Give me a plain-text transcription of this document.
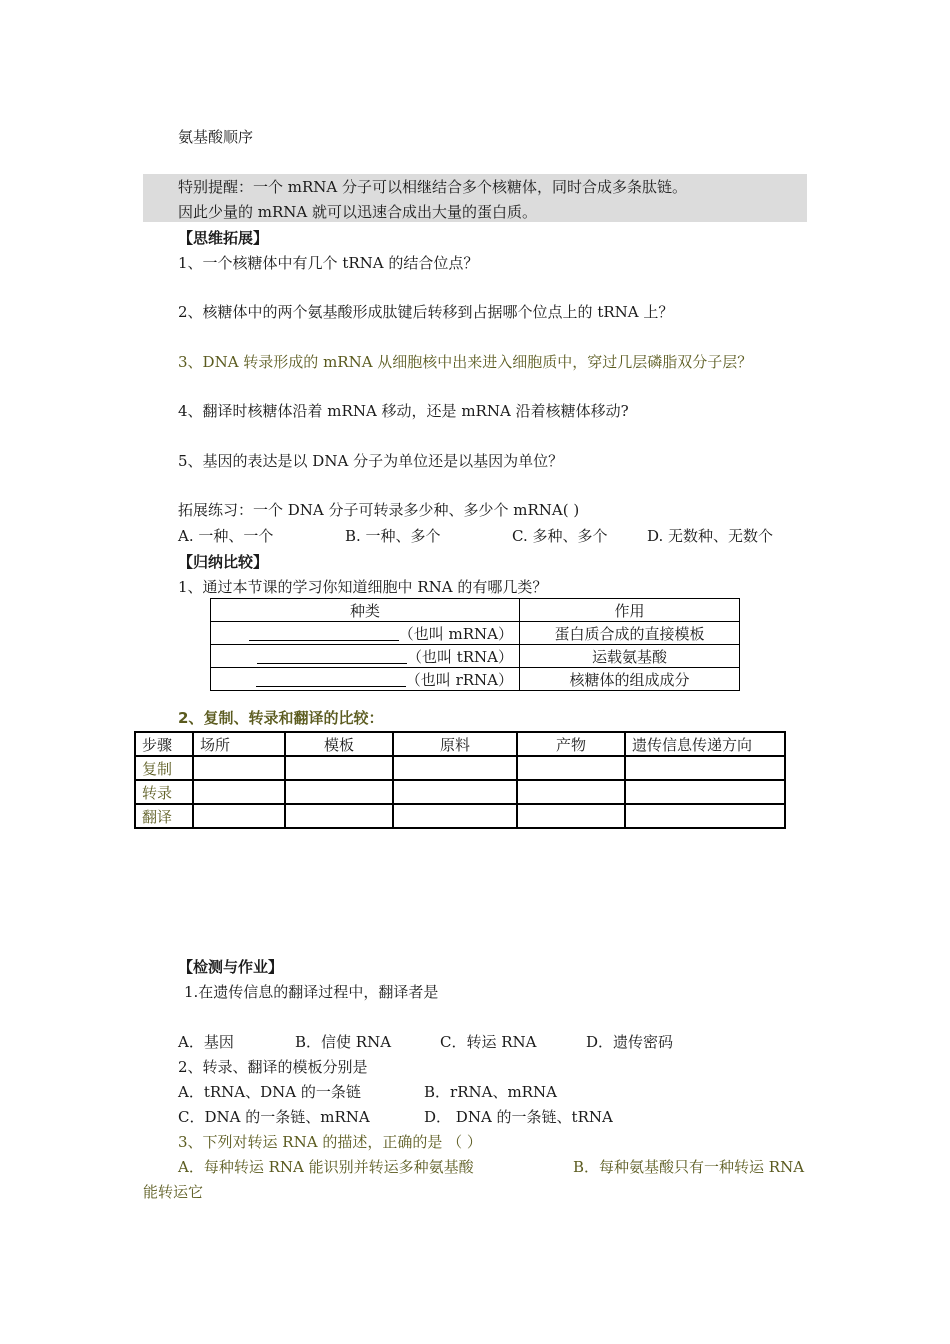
氨基酸顺序
特别提醒：一个 mRNA 分子可以相继结合多个核糖体，同时合成多条肽链。
因此少量的 mRNA 就可以迅速合成出大量的蛋白质。
【思维拓展】
1、一个核糖体中有几个 tRNA 的结合位点？
2、核糖体中的两个氨基酸形成肽键后转移到占据哪个位点上的 tRNA 上？
3、DNA 转录形成的 mRNA 从细胞核中出来进入细胞质中，穿过几层磷脂双分子层？
4、翻译时核糖体沿着 mRNA 移动，还是 mRNA 沿着核糖体移动?
5、基因的表达是以 DNA 分子为单位还是以基因为单位？
拓展练习：一个 DNA 分子可转录多少种、多少个 mRNA( )
A. 一种、一个	B. 一种、多个	C. 多种、多个	D. 无数种、无数个
【归纳比较】
1、通过本节课的学习你知道细胞中 RNA 的有哪几类？
种类	作用
（也叫 mRNA）	蛋白质合成的直接模板
（也叫 tRNA）	运载氨基酸
（也叫 rRNA）	核糖体的组成成分
2、复制、转录和翻译的比较：
步骤	场所	模板	原料	产物	遗传信息传递方向
复制					
转录					
翻译					
【检测与作业】
1.在遗传信息的翻译过程中，翻译者是
A．基因	B．信使 RNA	C．转运 RNA	D．遗传密码
2、转录、翻译的模板分别是
A．tRNA、DNA 的一条链	B．rRNA、mRNA
C．DNA 的一条链、mRNA	D． DNA 的一条链、tRNA
3、下列对转运 RNA 的描述，正确的是 （ ）
A．每种转运 RNA 能识别并转运多种氨基酸	B．每种氨基酸只有一种转运 RNA
能转运它
